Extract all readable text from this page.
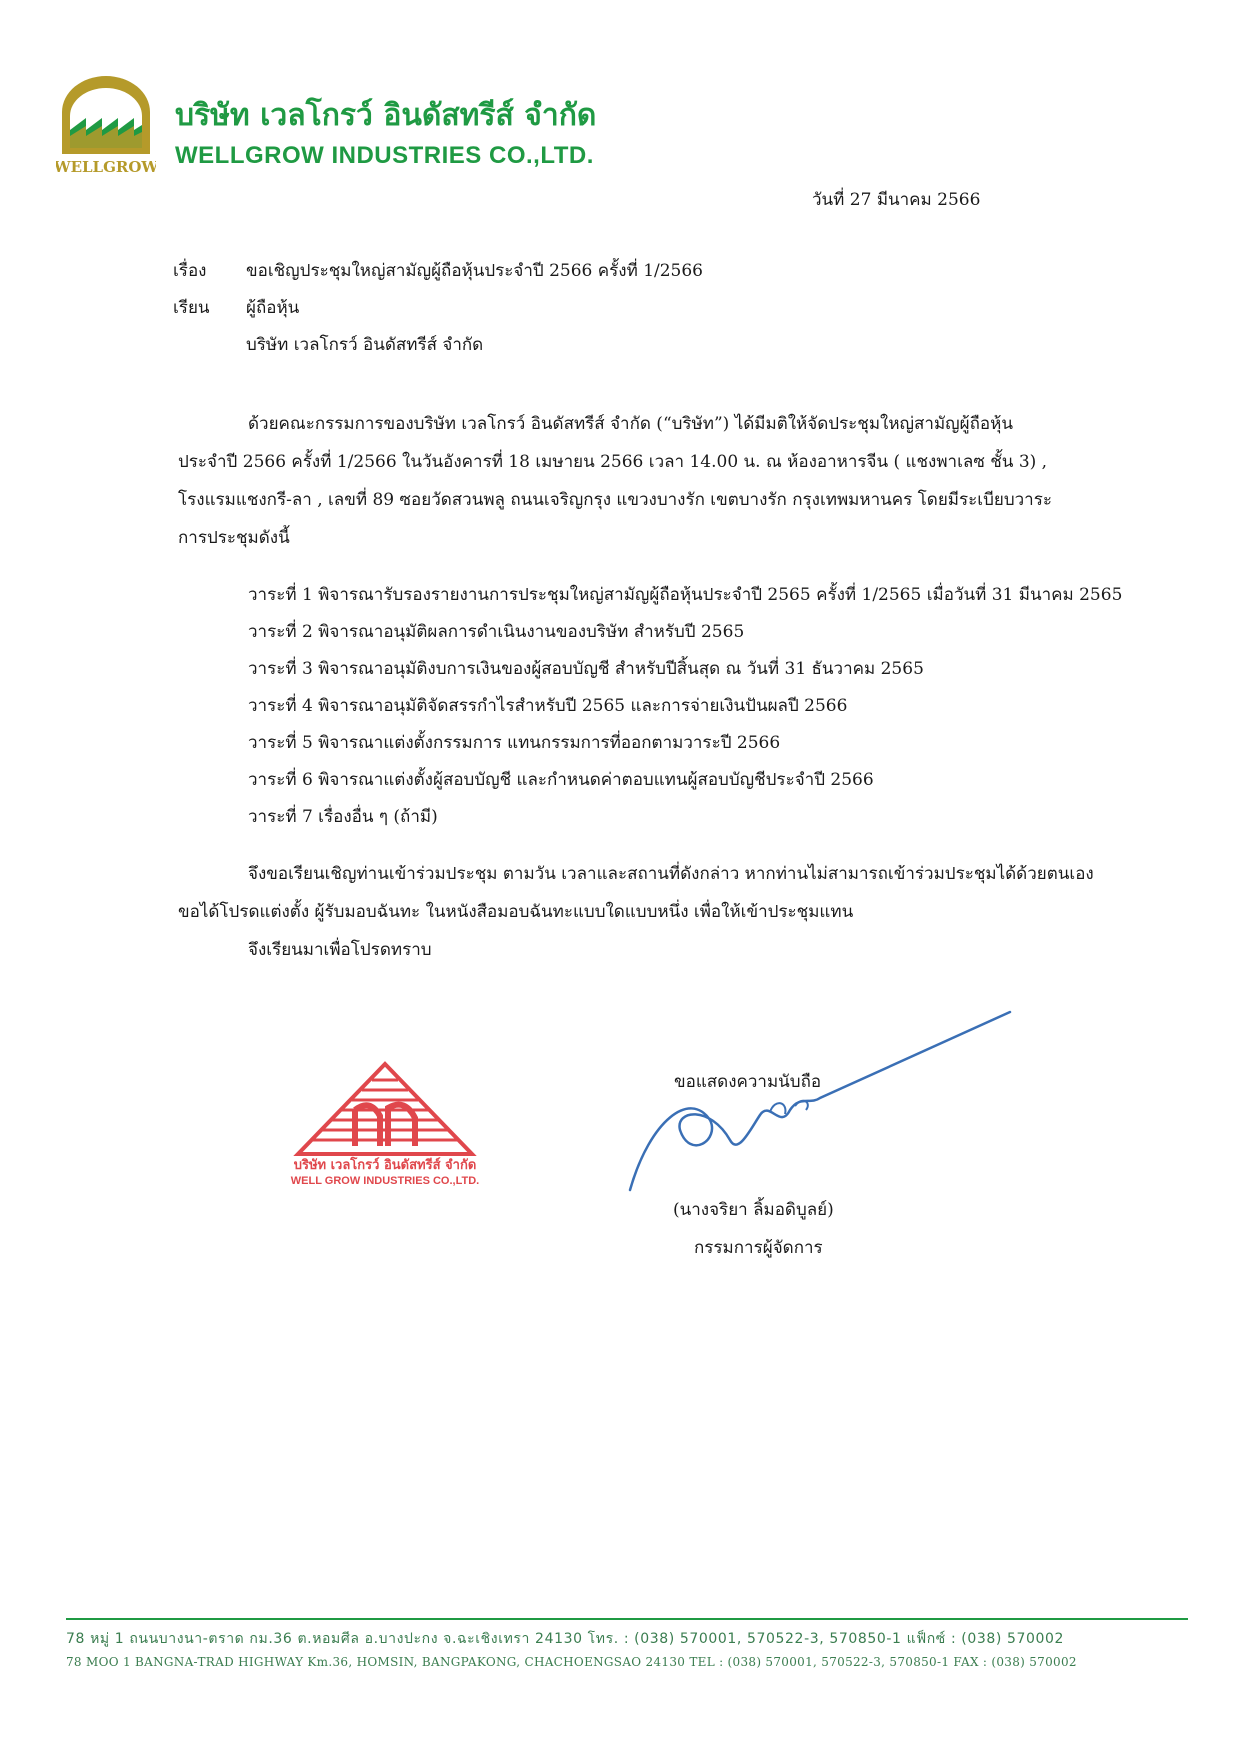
WELLGROW
บริษัท เวลโกรว์ อินดัสทรีส์ จำกัด
WELLGROW INDUSTRIES CO.,LTD.
วันที่ 27 มีนาคม 2566
เรื่อง ขอเชิญประชุมใหญ่สามัญผู้ถือหุ้นประจำปี 2566 ครั้งที่ 1/2566
เรียน ผู้ถือหุ้น
บริษัท เวลโกรว์ อินดัสทรีส์ จำกัด
ด้วยคณะกรรมการของบริษัท เวลโกรว์ อินดัสทรีส์ จำกัด (“บริษัท”) ได้มีมติให้จัดประชุมใหญ่สามัญผู้ถือหุ้น
ประจำปี 2566 ครั้งที่ 1/2566 ในวันอังคารที่ 18 เมษายน 2566 เวลา 14.00 น. ณ ห้องอาหารจีน ( แชงพาเลซ ชั้น 3) ,
โรงแรมแชงกรี-ลา , เลขที่ 89 ซอยวัดสวนพลู ถนนเจริญกรุง แขวงบางรัก เขตบางรัก กรุงเทพมหานคร โดยมีระเบียบวาระ
การประชุมดังนี้
วาระที่ 1 พิจารณารับรองรายงานการประชุมใหญ่สามัญผู้ถือหุ้นประจำปี 2565 ครั้งที่ 1/2565 เมื่อวันที่ 31 มีนาคม 2565
วาระที่ 2 พิจารณาอนุมัติผลการดำเนินงานของบริษัท สำหรับปี 2565
วาระที่ 3 พิจารณาอนุมัติงบการเงินของผู้สอบบัญชี สำหรับปีสิ้นสุด ณ วันที่ 31 ธันวาคม 2565
วาระที่ 4 พิจารณาอนุมัติจัดสรรกำไรสำหรับปี 2565 และการจ่ายเงินปันผลปี 2566
วาระที่ 5 พิจารณาแต่งตั้งกรรมการ แทนกรรมการที่ออกตามวาระปี 2566
วาระที่ 6 พิจารณาแต่งตั้งผู้สอบบัญชี และกำหนดค่าตอบแทนผู้สอบบัญชีประจำปี 2566
วาระที่ 7 เรื่องอื่น ๆ (ถ้ามี)
จึงขอเรียนเชิญท่านเข้าร่วมประชุม ตามวัน เวลาและสถานที่ดังกล่าว หากท่านไม่สามารถเข้าร่วมประชุมได้ด้วยตนเอง
ขอได้โปรดแต่งตั้ง ผู้รับมอบฉันทะ ในหนังสือมอบฉันทะแบบใดแบบหนึ่ง เพื่อให้เข้าประชุมแทน
จึงเรียนมาเพื่อโปรดทราบ
บริษัท เวลโกรว์ อินดัสทรีส์ จำกัด
WELL GROW INDUSTRIES CO.,LTD.
ขอแสดงความนับถือ
(นางจริยา ลิ้มอดิบูลย์)
กรรมการผู้จัดการ
78 หมู่ 1 ถนนบางนา-ตราด กม.36 ต.หอมศีล อ.บางปะกง จ.ฉะเชิงเทรา 24130 โทร. : (038) 570001, 570522-3, 570850-1 แฟ็กซ์ : (038) 570002
78 MOO 1 BANGNA-TRAD HIGHWAY Km.36, HOMSIN, BANGPAKONG, CHACHOENGSAO 24130 TEL : (038) 570001, 570522-3, 570850-1 FAX : (038) 570002
